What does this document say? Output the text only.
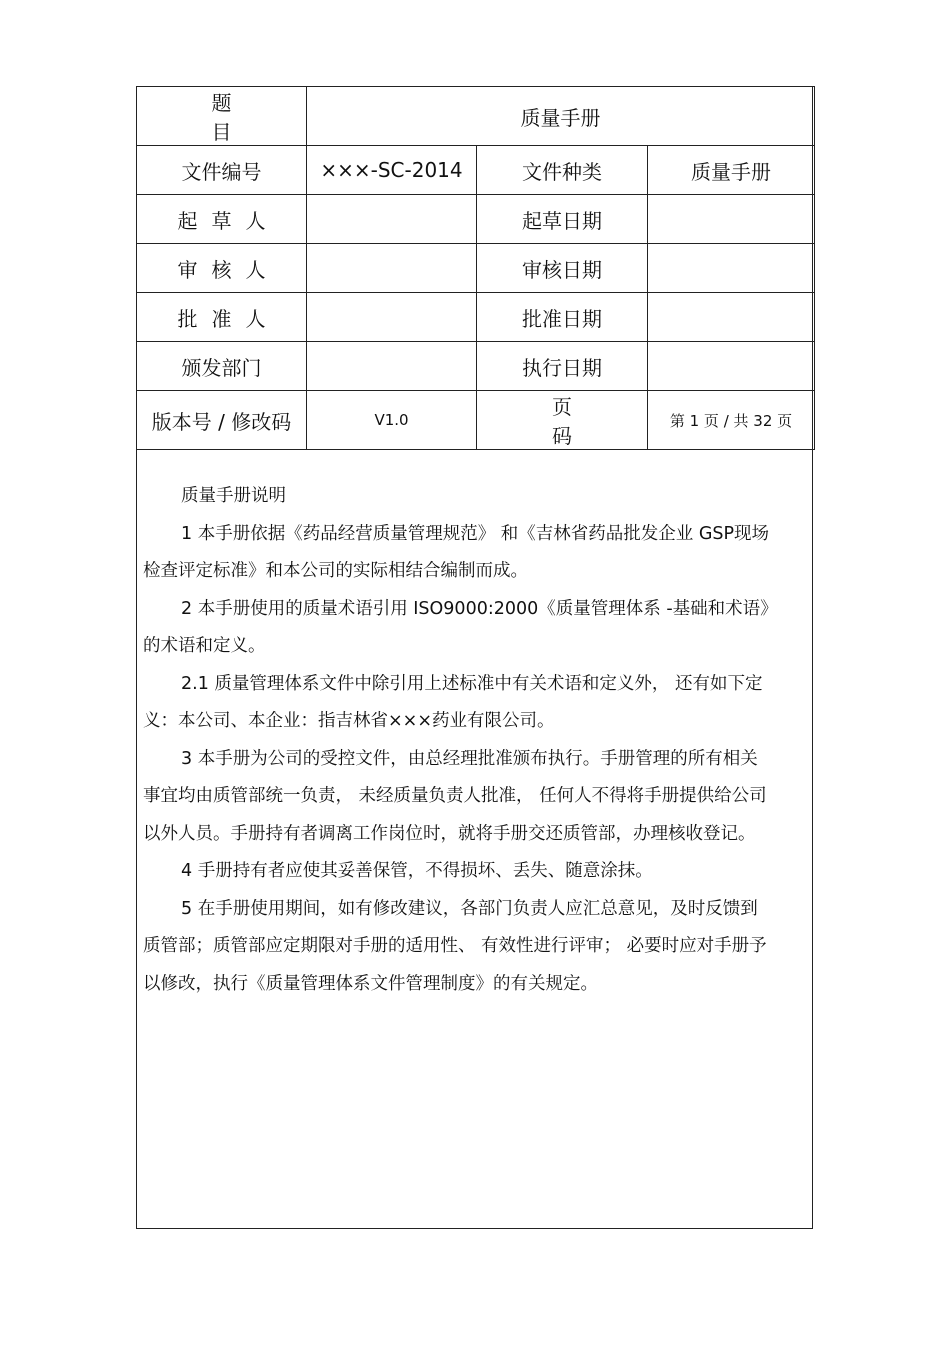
题目	质量手册		
文件编号	×××-SC-2014	文件种类	质量手册
起草人		起草日期	
审核人		审核日期	
批准人		批准日期	
颁发部门		执行日期	
版本号 / 修改码	V1.0	页码	第 1 页 / 共 32 页

质量手册说明

1 本手册依据《药品经营质量管理规范》 和《吉林省药品批发企业 GSP现场
检查评定标准》和本公司的实际相结合编制而成。

2 本手册使用的质量术语引用 ISO9000:2000《质量管理体系 -基础和术语》
的术语和定义。

2.1 质量管理体系文件中除引用上述标准中有关术语和定义外， 还有如下定
义：本公司、本企业：指吉林省×××药业有限公司。

3 本手册为公司的受控文件，由总经理批准颁布执行。手册管理的所有相关
事宜均由质管部统一负责， 未经质量负责人批准， 任何人不得将手册提供给公司
以外人员。手册持有者调离工作岗位时，就将手册交还质管部，办理核收登记。

4 手册持有者应使其妥善保管，不得损坏、丢失、随意涂抹。

5 在手册使用期间，如有修改建议，各部门负责人应汇总意见，及时反馈到
质管部；质管部应定期限对手册的适用性、 有效性进行评审； 必要时应对手册予
以修改，执行《质量管理体系文件管理制度》的有关规定。
